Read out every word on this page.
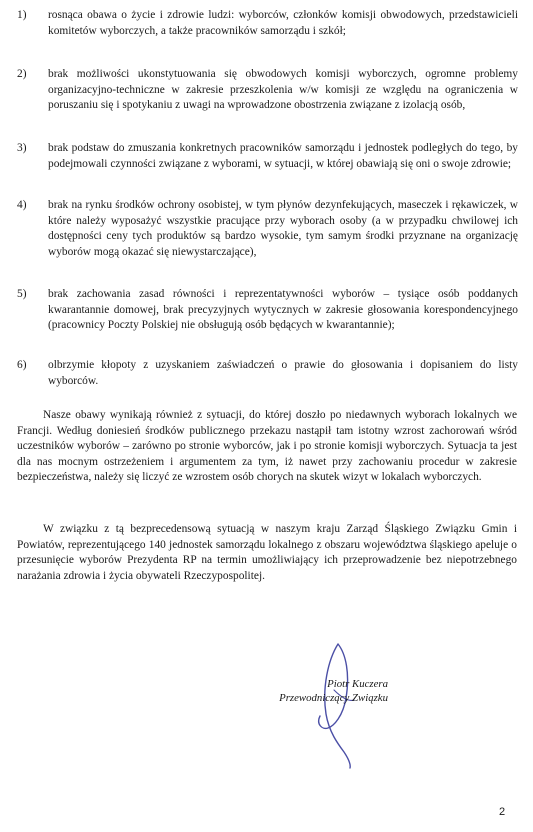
1) rosnąca obawa o życie i zdrowie ludzi: wyborców, członków komisji obwodowych, przedstawicieli komitetów wyborczych, a także pracowników samorządu i szkół;
2) brak możliwości ukonstytuowania się obwodowych komisji wyborczych, ogromne problemy organizacyjno-techniczne w zakresie przeszkolenia w/w komisji ze względu na ograniczenia w poruszaniu się i spotykaniu z uwagi na wprowadzone obostrzenia związane z izolacją osób,
3) brak podstaw do zmuszania konkretnych pracowników samorządu i jednostek podległych do tego, by podejmowali czynności związane z wyborami, w sytuacji, w której obawiają się oni o swoje zdrowie;
4) brak na rynku środków ochrony osobistej, w tym płynów dezynfekujących, maseczek i rękawiczek, w które należy wyposażyć wszystkie pracujące przy wyborach osoby (a w przypadku chwilowej ich dostępności ceny tych produktów są bardzo wysokie, tym samym środki przyznane na organizację wyborów mogą okazać się niewystarczające),
5) brak zachowania zasad równości i reprezentatywności wyborów – tysiące osób poddanych kwarantannie domowej, brak precyzyjnych wytycznych w zakresie głosowania korespondencyjnego (pracownicy Poczty Polskiej nie obsługują osób będących w kwarantannie);
6) olbrzymie kłopoty z uzyskaniem zaświadczeń o prawie do głosowania i dopisaniem do listy wyborców.
Nasze obawy wynikają również z sytuacji, do której doszło po niedawnych wyborach lokalnych we Francji. Według doniesień środków publicznego przekazu nastąpił tam istotny wzrost zachorowań wśród uczestników wyborów – zarówno po stronie wyborców, jak i po stronie komisji wyborczych. Sytuacja ta jest dla nas mocnym ostrzeżeniem i argumentem za tym, iż nawet przy zachowaniu procedur w zakresie bezpieczeństwa, należy się liczyć ze wzrostem osób chorych na skutek wizyt w lokalach wyborczych.
W związku z tą bezprecedensową sytuacją w naszym kraju Zarząd Śląskiego Związku Gmin i Powiatów, reprezentującego 140 jednostek samorządu lokalnego z obszaru województwa śląskiego apeluje o przesunięcie wyborów Prezydenta RP na termin umożliwiający ich przeprowadzenie bez niepotrzebnego narażania zdrowia i życia obywateli Rzeczypospolitej.
Piotr Kuczera
Przewodniczący Związku
2
